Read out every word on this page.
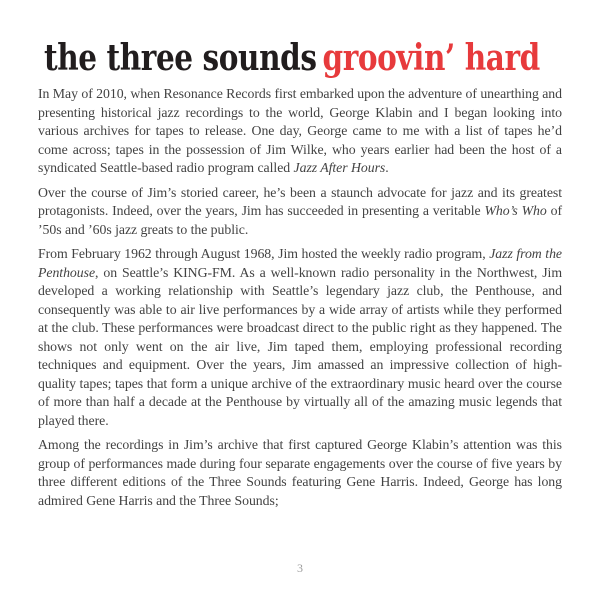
the three sounds groovin’ hard

In May of 2010, when Resonance Records first embarked upon the adventure of unearthing and presenting historical jazz recordings to the world, George Klabin and I began looking into various archives for tapes to release. One day, George came to me with a list of tapes he’d come across; tapes in the possession of Jim Wilke, who years earlier had been the host of a syndicated Seattle-based radio program called Jazz After Hours.

Over the course of Jim’s storied career, he’s been a staunch advocate for jazz and its greatest protagonists. Indeed, over the years, Jim has succeeded in presenting a veritable Who’s Who of ’50s and ’60s jazz greats to the public.

From February 1962 through August 1968, Jim hosted the weekly radio program, Jazz from the Penthouse, on Seattle’s KING-FM. As a well-known radio personality in the Northwest, Jim developed a working relationship with Seattle’s legendary jazz club, the Penthouse, and consequently was able to air live performances by a wide array of artists while they performed at the club. These performances were broadcast direct to the public right as they happened. The shows not only went on the air live, Jim taped them, employing professional recording techniques and equipment. Over the years, Jim amassed an impressive collection of high-quality tapes; tapes that form a unique archive of the extraordinary music heard over the course of more than half a decade at the Penthouse by virtually all of the amazing music legends that played there.

Among the recordings in Jim’s archive that first captured George Klabin’s attention was this group of performances made during four separate engagements over the course of five years by three different editions of the Three Sounds featuring Gene Harris. Indeed, George has long admired Gene Harris and the Three Sounds;

3
